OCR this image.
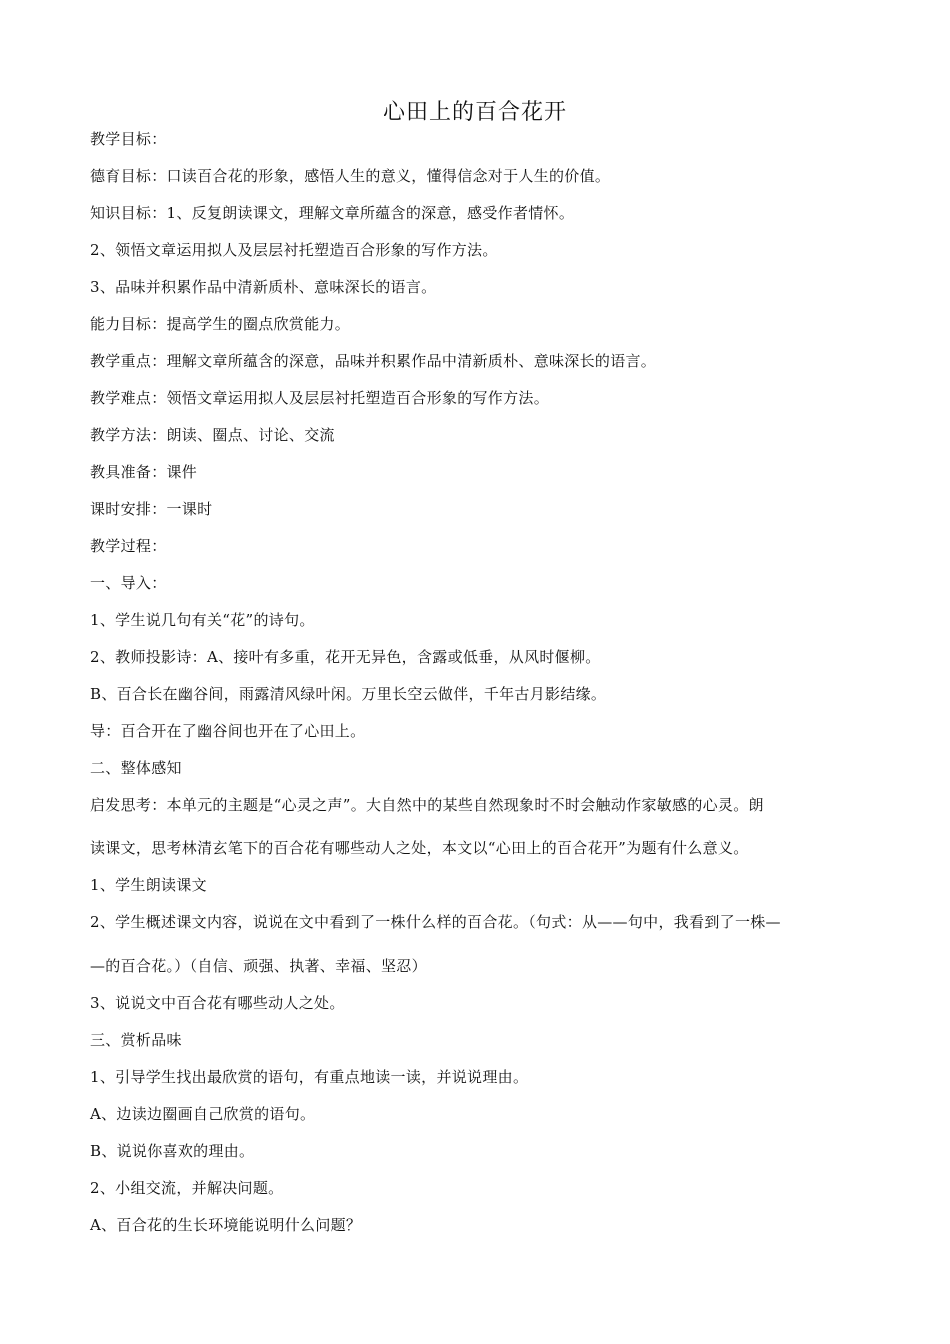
心田上的百合花开
教学目标：
德育目标：口读百合花的形象，感悟人生的意义，懂得信念对于人生的价值。
知识目标：1、反复朗读课文，理解文章所蕴含的深意，感受作者情怀。
2、领悟文章运用拟人及层层衬托塑造百合形象的写作方法。
3、品味并积累作品中清新质朴、意味深长的语言。
能力目标：提高学生的圈点欣赏能力。
教学重点：理解文章所蕴含的深意，品味并积累作品中清新质朴、意味深长的语言。
教学难点：领悟文章运用拟人及层层衬托塑造百合形象的写作方法。
教学方法：朗读、圈点、讨论、交流
教具准备：课件
课时安排：一课时
教学过程：
一、导入：
1、学生说几句有关“花”的诗句。
2、教师投影诗：A、接叶有多重，花开无异色，含露或低垂，从风时偃柳。
B、百合长在幽谷间，雨露清风绿叶闲。万里长空云做伴，千年古月影结缘。
导：百合开在了幽谷间也开在了心田上。
二、整体感知
启发思考：本单元的主题是“心灵之声”。大自然中的某些自然现象时不时会触动作家敏感的心灵。朗
读课文，思考林清玄笔下的百合花有哪些动人之处，本文以“心田上的百合花开”为题有什么意义。
1、学生朗读课文
2、学生概述课文内容，说说在文中看到了一株什么样的百合花。（句式：从——句中，我看到了一株—
—的百合花。）（自信、顽强、执著、幸福、坚忍）
3、说说文中百合花有哪些动人之处。
三、赏析品味
1、引导学生找出最欣赏的语句，有重点地读一读，并说说理由。
A、边读边圈画自己欣赏的语句。
B、说说你喜欢的理由。
2、小组交流，并解决问题。
A、百合花的生长环境能说明什么问题？
